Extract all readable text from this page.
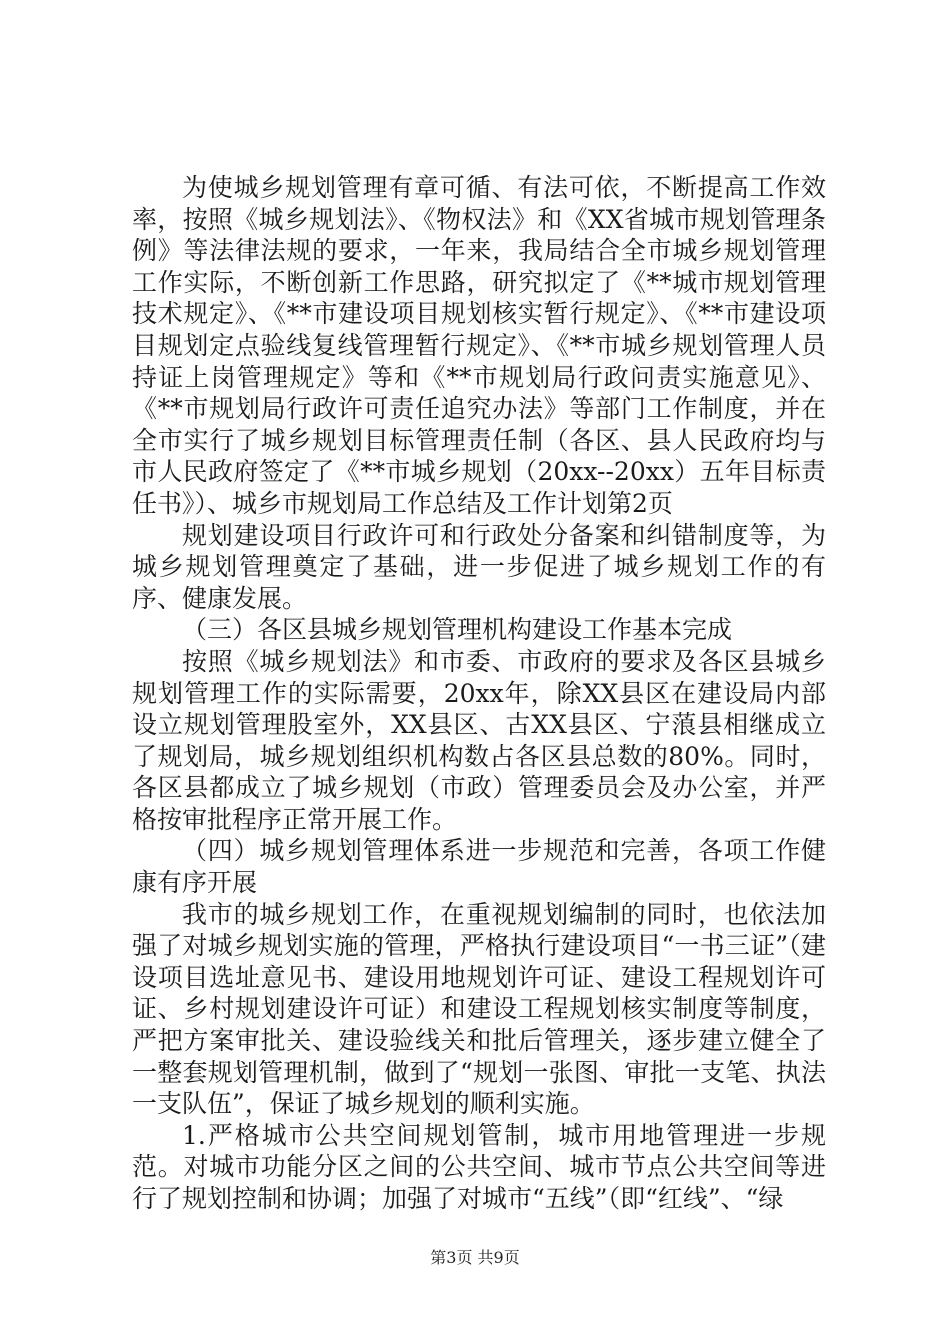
为使城乡规划管理有章可循、有法可依，不断提高工作效率，按照《城乡规划法》、《物权法》和《XX省城市规划管理条例》等法律法规的要求，一年来，我局结合全市城乡规划管理工作实际，不断创新工作思路，研究拟定了《**城市规划管理技术规定》、《**市建设项目规划核实暂行规定》、《**市建设项目规划定点验线复线管理暂行规定》、《**市城乡规划管理人员持证上岗管理规定》等和《**市规划局行政问责实施意见》、《**市规划局行政许可责任追究办法》等部门工作制度，并在全市实行了城乡规划目标管理责任制（各区、县人民政府均与市人民政府签定了《**市城乡规划（20xx--20xx）五年目标责任书》）、城乡市规划局工作总结及工作计划第2页

规划建设项目行政许可和行政处分备案和纠错制度等，为城乡规划管理奠定了基础，进一步促进了城乡规划工作的有序、健康发展。

（三）各区县城乡规划管理机构建设工作基本完成

按照《城乡规划法》和市委、市政府的要求及各区县城乡规划管理工作的实际需要，20xx年，除XX县区在建设局内部设立规划管理股室外，XX县区、古XX县区、宁蒗县相继成立了规划局，城乡规划组织机构数占各区县总数的80%。同时，各区县都成立了城乡规划（市政）管理委员会及办公室，并严格按审批程序正常开展工作。

（四）城乡规划管理体系进一步规范和完善，各项工作健康有序开展

我市的城乡规划工作，在重视规划编制的同时，也依法加强了对城乡规划实施的管理，严格执行建设项目“一书三证”（建设项目选址意见书、建设用地规划许可证、建设工程规划许可证、乡村规划建设许可证）和建设工程规划核实制度等制度，严把方案审批关、建设验线关和批后管理关，逐步建立健全了一整套规划管理机制，做到了“规划一张图、审批一支笔、执法一支队伍”，保证了城乡规划的顺利实施。

1.严格城市公共空间规划管制，城市用地管理进一步规范。对城市功能分区之间的公共空间、城市节点公共空间等进行了规划控制和协调；加强了对城市“五线”（即“红线”、“绿

第3页 共9页
